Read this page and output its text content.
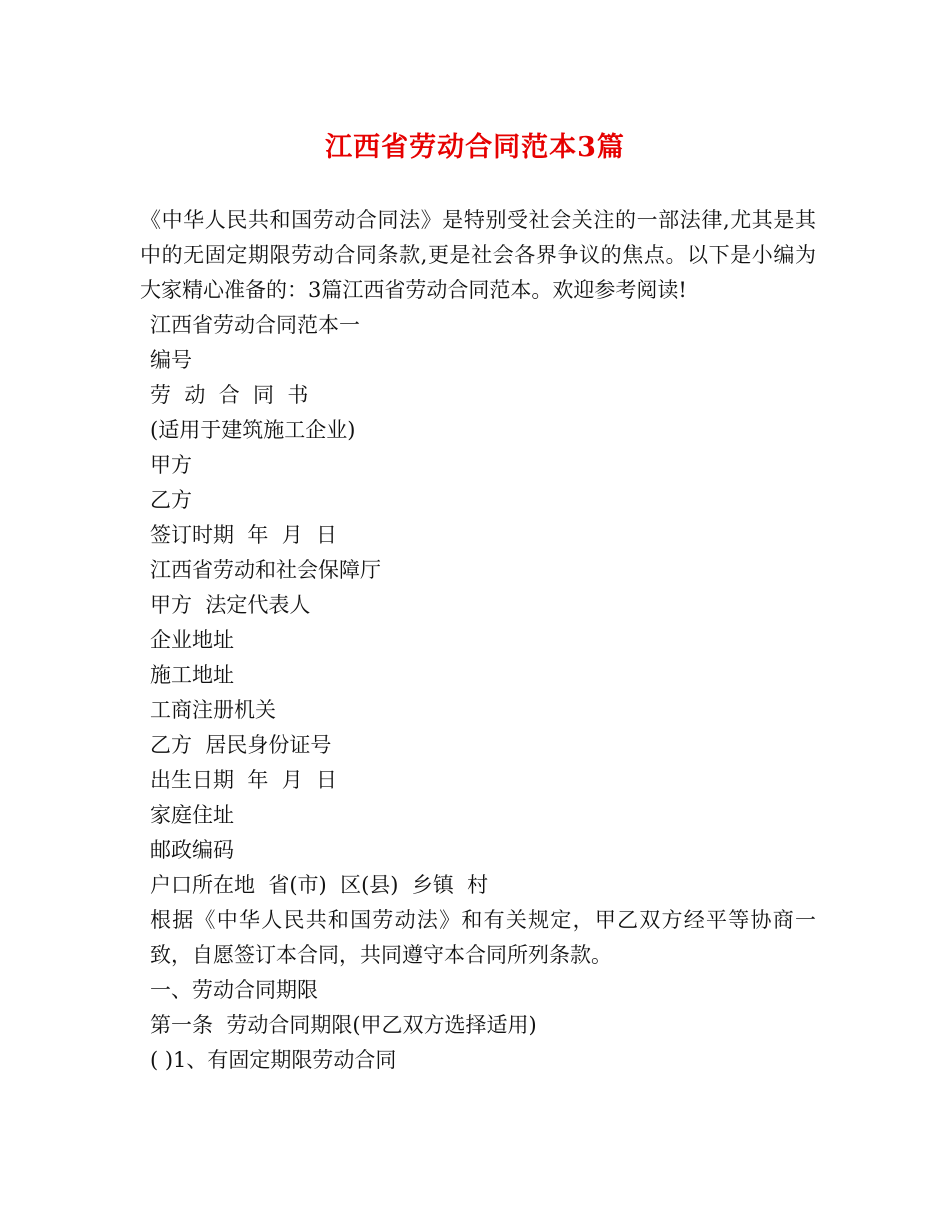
江西省劳动合同范本3篇

《中华人民共和国劳动合同法》是特别受社会关注的一部法律,尤其是其中的无固定期限劳动合同条款,更是社会各界争议的焦点。以下是小编为大家精心准备的：3篇江西省劳动合同范本。欢迎参考阅读!

江西省劳动合同范本一

编号

劳  动  合  同  书

(适用于建筑施工企业)

甲方

乙方

签订时期  年  月  日

江西省劳动和社会保障厅

甲方  法定代表人

企业地址

施工地址

工商注册机关

乙方  居民身份证号

出生日期  年  月  日

家庭住址

邮政编码

户口所在地  省(市)  区(县)  乡镇  村

根据《中华人民共和国劳动法》和有关规定，甲乙双方经平等协商一致，自愿签订本合同，共同遵守本合同所列条款。

一、劳动合同期限

第一条  劳动合同期限(甲乙双方选择适用)

( )1、有固定期限劳动合同
